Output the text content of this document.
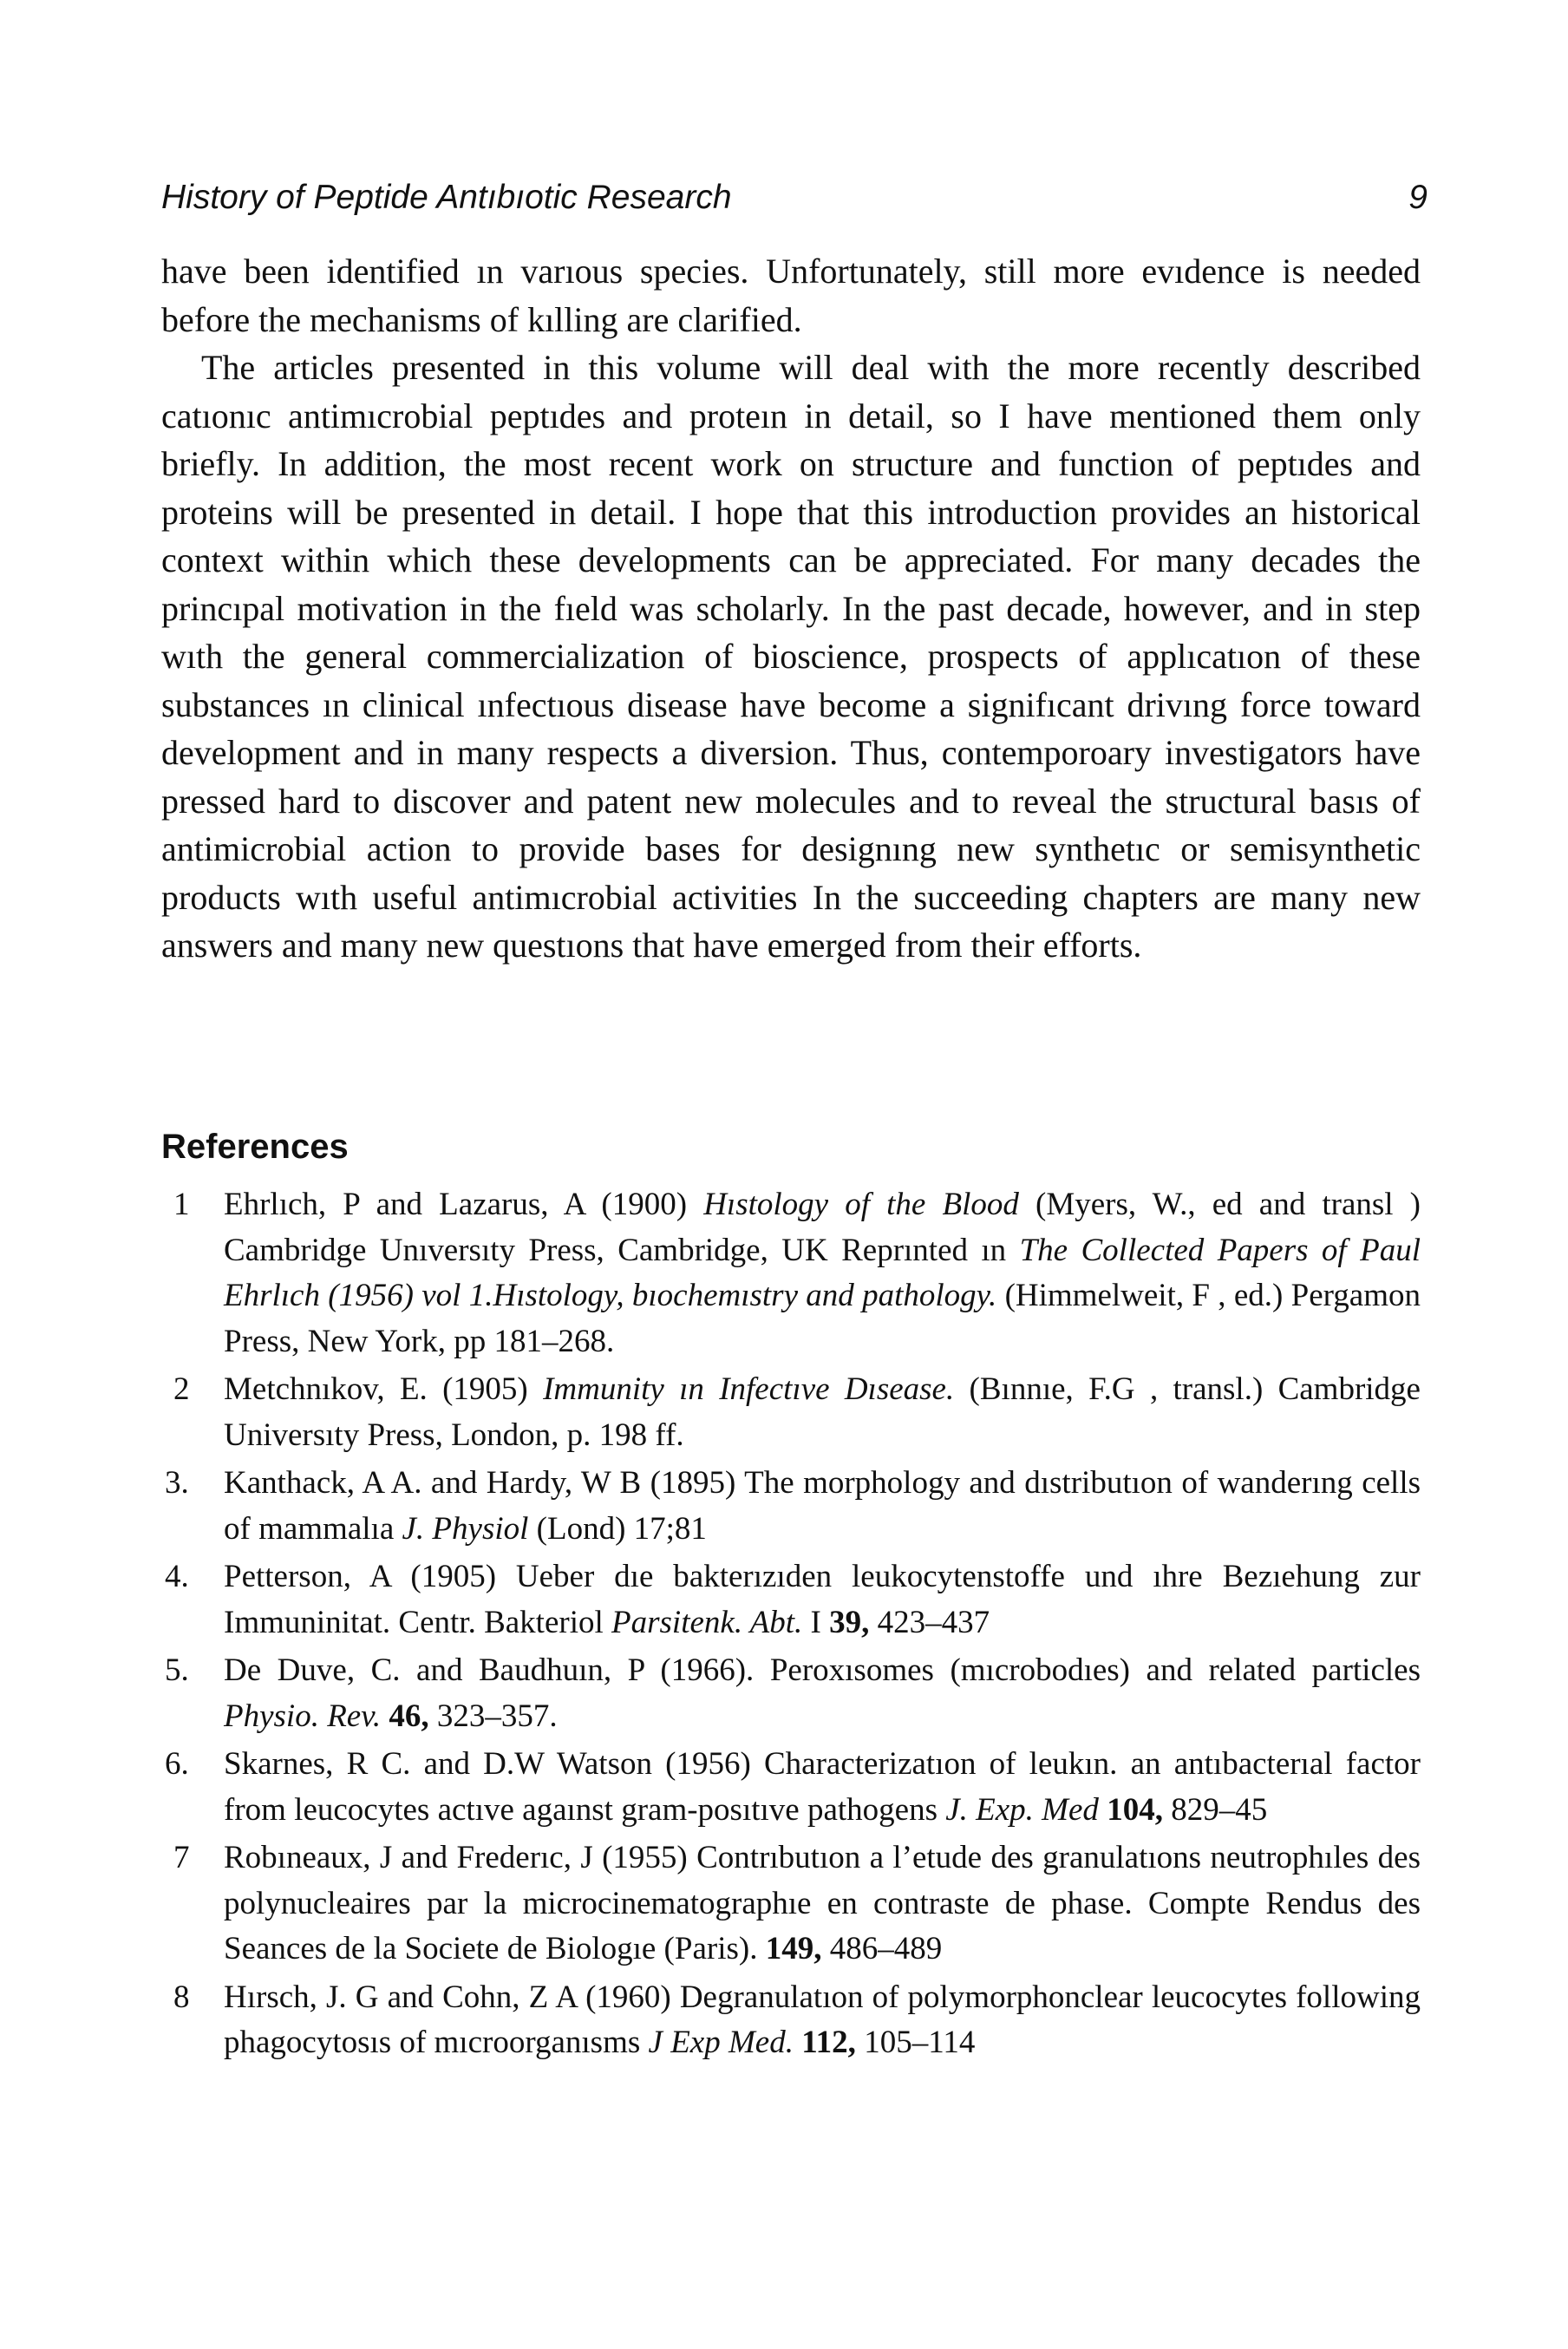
History of Peptide Antıbıotic Research	9

have been identified ın varıous species. Unfortunately, still more evıdence is needed before the mechanisms of kılling are clarified.

The articles presented in this volume will deal with the more recently described catıonıc antimıcrobial peptıdes and proteın in detail, so I have mentioned them only briefly. In addition, the most recent work on structure and function of peptıdes and proteins will be presented in detail. I hope that this introduction provides an historical context within which these developments can be appreciated. For many decades the princıpal motivation in the fıeld was scholarly. In the past decade, however, and in step wıth the general commercialization of bioscience, prospects of applıcatıon of these substances ın clinical ınfectıous disease have become a signifıcant drivıng force toward development and in many respects a diversion. Thus, contemporoary investigators have pressed hard to discover and patent new molecules and to reveal the structural basıs of antimicrobial action to provide bases for designıng new synthetıc or semisynthetic products wıth useful antimıcrobial activities In the succeeding chapters are many new answers and many new questıons that have emerged from their efforts.

References
1 Ehrlıch, P and Lazarus, A (1900) Hıstology of the Blood (Myers, W., ed and transl ) Cambridge Unıversıty Press, Cambridge, UK Reprınted ın The Collected Papers of Paul Ehrlıch (1956) vol 1.Hıstology, bıochemıstry and pathology. (Himmelweit, F , ed.) Pergamon Press, New York, pp 181–268.
2 Metchnıkov, E. (1905) Immunity ın Infectıve Dısease. (Bınnıe, F.G , transl.) Cambridge Universıty Press, London, p. 198 ff.
3. Kanthack, A A. and Hardy, W B (1895) The morphology and dıstributıon of wanderıng cells of mammalıa J. Physiol (Lond) 17;81
4. Petterson, A (1905) Ueber dıe bakterızıden leukocytenstoffe und ıhre Bezıehung zur Immuninitat. Centr. Bakteriol Parsitenk. Abt. I 39, 423–437
5. De Duve, C. and Baudhuın, P (1966). Peroxısomes (mıcrobodıes) and related particles Physio. Rev. 46, 323–357.
6. Skarnes, R C. and D.W Watson (1956) Characterizatıon of leukın. an antıbacterıal factor from leucocytes actıve agaınst gram-posıtıve pathogens J. Exp. Med 104, 829–45
7 Robıneaux, J and Frederıc, J (1955) Contrıbutıon a l’etude des granulatıons neutrophıles des polynucleaires par la microcinematographıe en contraste de phase. Compte Rendus des Seances de la Societe de Biologıe (Paris). 149, 486–489
8 Hırsch, J. G and Cohn, Z A (1960) Degranulatıon of polymorphonclear leucocytes following phagocytosıs of mıcroorganısms J Exp Med. 112, 105–114
